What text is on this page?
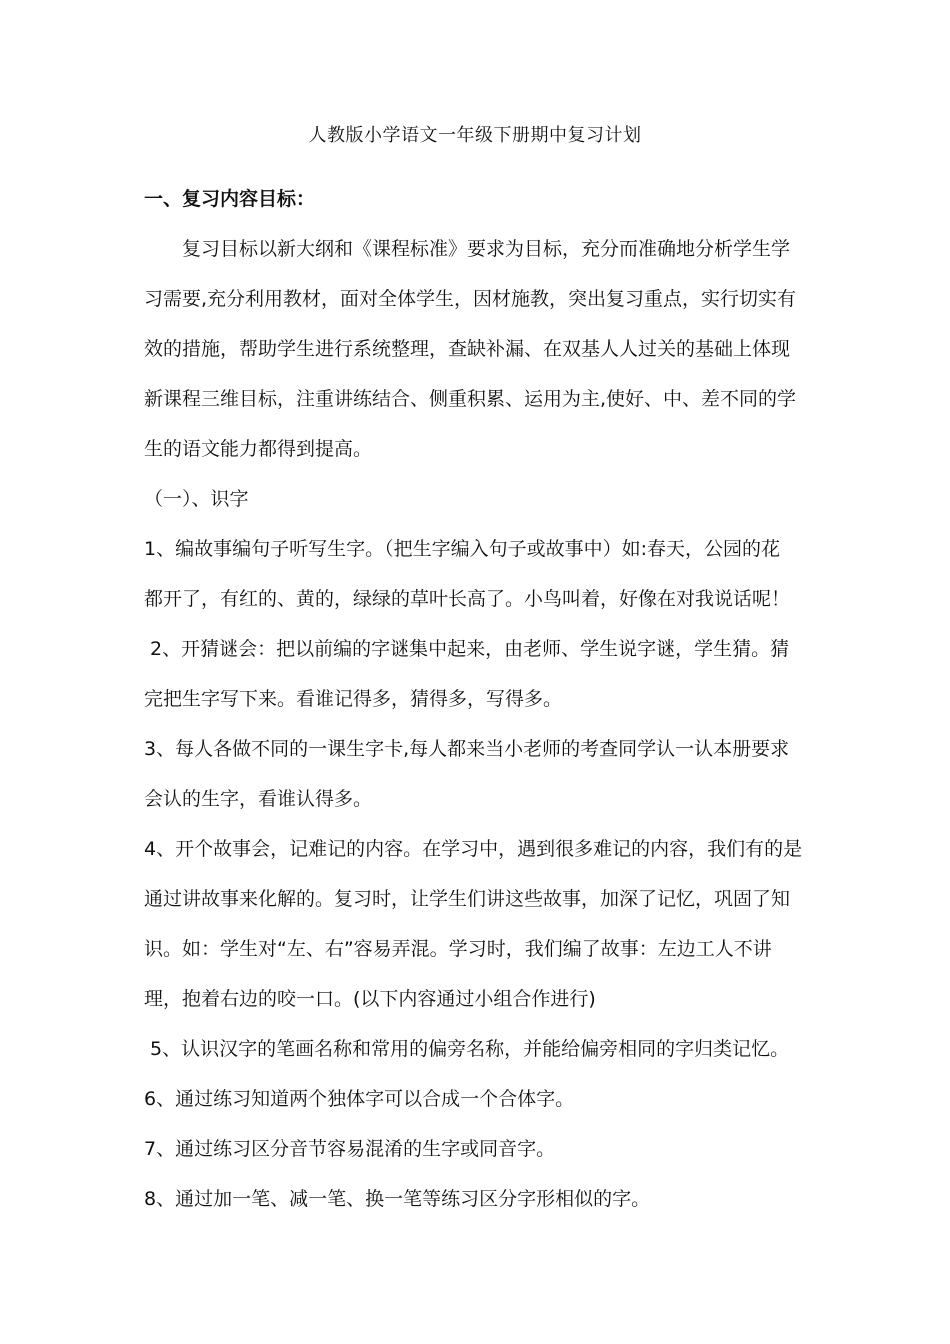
人教版小学语文一年级下册期中复习计划
一、复习内容目标：
复习目标以新大纲和《课程标准》要求为目标，充分而准确地分析学生学
习需要,充分利用教材，面对全体学生，因材施教，突出复习重点，实行切实有
效的措施，帮助学生进行系统整理，查缺补漏、在双基人人过关的基础上体现
新课程三维目标，注重讲练结合、侧重积累、运用为主,使好、中、差不同的学
生的语文能力都得到提高。
（一）、识字
1、编故事编句子听写生字。（把生字编入句子或故事中）如:春天，公园的花
都开了，有红的、黄的，绿绿的草叶长高了。小鸟叫着，好像在对我说话呢！
2、开猜谜会：把以前编的字谜集中起来，由老师、学生说字谜，学生猜。猜
完把生字写下来。看谁记得多，猜得多，写得多。
3、每人各做不同的一课生字卡,每人都来当小老师的考查同学认一认本册要求
会认的生字，看谁认得多。
4、开个故事会，记难记的内容。在学习中，遇到很多难记的内容，我们有的是
通过讲故事来化解的。复习时，让学生们讲这些故事，加深了记忆，巩固了知
识。如：学生对“左、右”容易弄混。学习时，我们编了故事：左边工人不讲
理，抱着右边的咬一口。(以下内容通过小组合作进行)
5、认识汉字的笔画名称和常用的偏旁名称，并能给偏旁相同的字归类记忆。
6、通过练习知道两个独体字可以合成一个合体字。
7、通过练习区分音节容易混淆的生字或同音字。
8、通过加一笔、减一笔、换一笔等练习区分字形相似的字。
